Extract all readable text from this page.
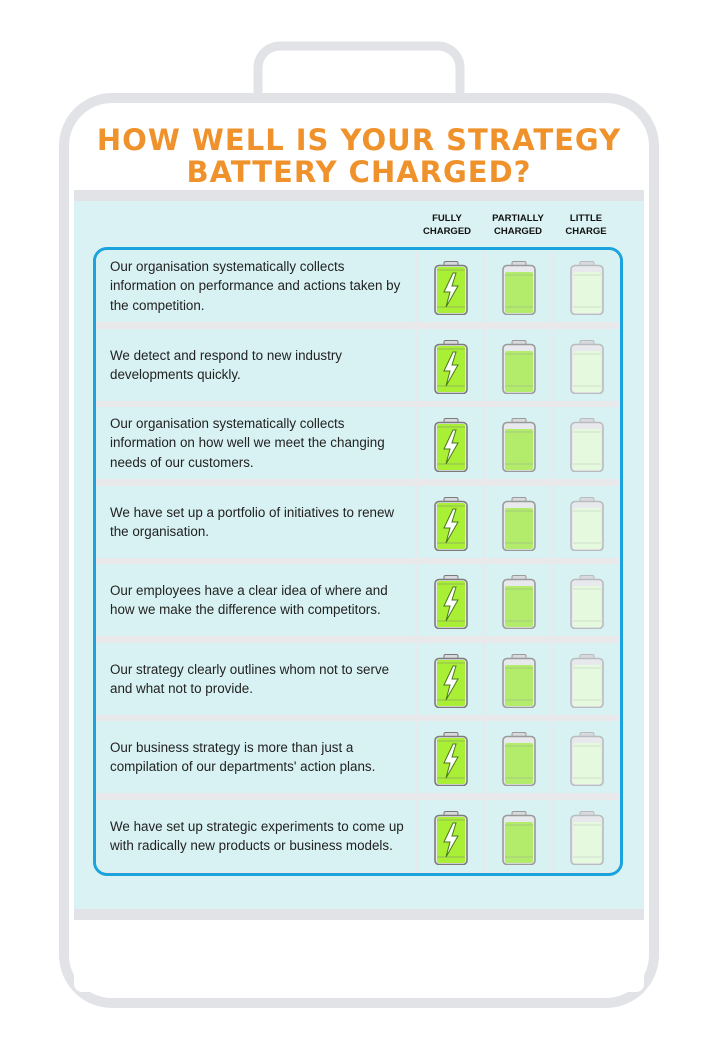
HOW WELL IS YOUR STRATEGY
BATTERY CHARGED?
FULLY
CHARGED
PARTIALLY
CHARGED
LITTLE
CHARGE
Our organisation systematically collects information on performance and actions taken by the competition.
We detect and respond to new industry developments quickly.
Our organisation systematically collects information on how well we meet the changing needs of our customers.
We have set up a portfolio of initiatives to renew the organisation.
Our employees have a clear idea of where and how we make the difference with competitors.
Our strategy clearly outlines whom not to serve and what not to provide.
Our business strategy is more than just a compilation of our departments' action plans.
We have set up strategic experiments to come up with radically new products or business models.
